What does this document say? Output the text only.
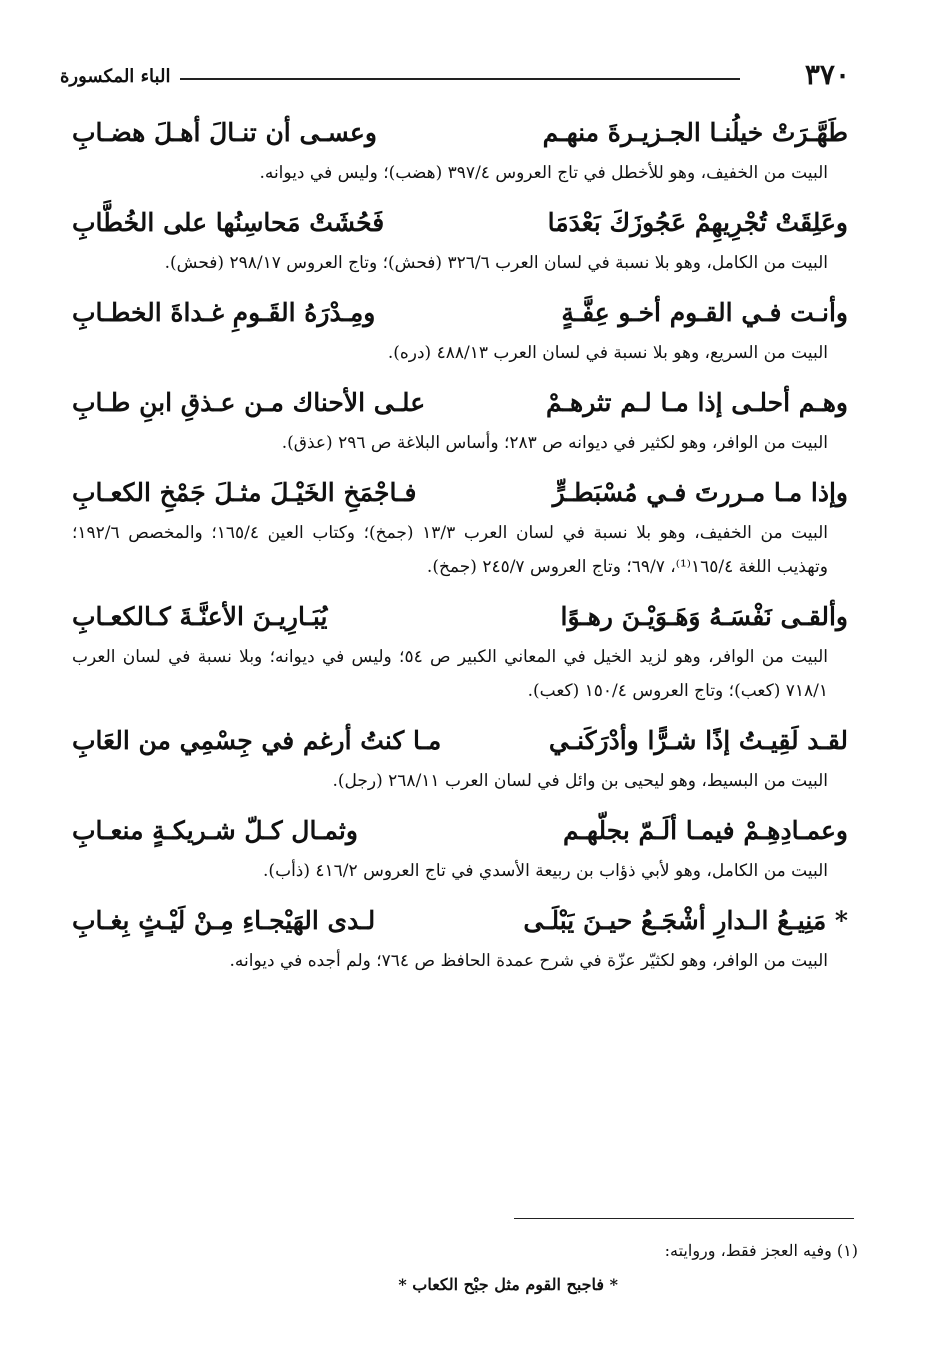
٣٧٠
الباء المكسورة
طَهَّـرَتْ خيلُنـا الجـزيـرةَ منهـم
وعسـى أن تنـالَ أهـلَ هضـابِ
البيت من الخفيف، وهو للأخطل في تاج العروس ٣٩٧/٤ (هضب)؛ وليس في ديوانه.
وعَلِقَتْ تُجْرِيهِمْ عَجُوزَكَ بَعْدَمَا
فَحُشَتْ مَحاسِنُها على الخُطَّابِ
البيت من الكامل، وهو بلا نسبة في لسان العرب ٣٢٦/٦ (فحش)؛ وتاج العروس ٢٩٨/١٧ (فحش).
وأنـت فـي القـوم أخـو عِفَّـةٍ
ومِـدْرَهُ القَـومِ غـداةَ الخطـابِ
البيت من السريع، وهو بلا نسبة في لسان العرب ٤٨٨/١٣ (دره).
وهـم أحلـى إذا مـا لـم تثرهـمْ
علـى الأحناك مـن عـذقِ ابنِ طـابِ
البيت من الوافر، وهو لكثير في ديوانه ص ٢٨٣؛ وأساس البلاغة ص ٢٩٦ (عذق).
وإذا مـا مـررتَ فـي مُسْبَطـرٍّ
فـاجْمَخِ الخَيْـلَ مثـلَ جَمْخِ الكعـابِ
البيت من الخفيف، وهو بلا نسبة في لسان العرب ١٣/٣ (جمخ)؛ وكتاب العين ١٦٥/٤؛ والمخصص ١٩٢/٦؛ وتهذيب اللغة ١٦٥/٤⁽¹⁾، ٦٩/٧؛ وتاج العروس ٢٤٥/٧ (جمخ).
وألقـى نَفْسَـهُ وَهَـوَيْـنَ رهـوًا
يُبَـارِيـنَ الأعنَّـةَ كـالكعـابِ
البيت من الوافر، وهو لزيد الخيل في المعاني الكبير ص ٥٤؛ وليس في ديوانه؛ وبلا نسبة في لسان العرب ٧١٨/١ (كعب)؛ وتاج العروس ١٥٠/٤ (كعب).
لقـد لَقِيـتُ إذًا شـرًّا وأدْرَكَنـي
مـا كنتُ أرغم في جِسْمِي من العَابِ
البيت من البسيط، وهو ليحيى بن وائل في لسان العرب ٢٦٨/١١ (رجل).
وعمـادِهِـمْ فيمـا ألَـمّ بجلّهـم
وثمـال كـلّ شـريكـةٍ منعـابِ
البيت من الكامل، وهو لأبي ذؤاب بن ربيعة الأسدي في تاج العروس ٤١٦/٢ (ذأب).
* مَنِيـعُ الـدارِ أشْجَـعُ حيـنَ يَبْلَـى
لـدى الهَيْجـاءِ مِـنْ لَيْـثٍ بِغـابِ
البيت من الوافر، وهو لكثيّر عزّة في شرح عمدة الحافظ ص ٧٦٤؛ ولم أجده في ديوانه.
(١) وفيه العجز فقط، وروايته:
* فاجبح القوم مثل جبْح الكعاب *
